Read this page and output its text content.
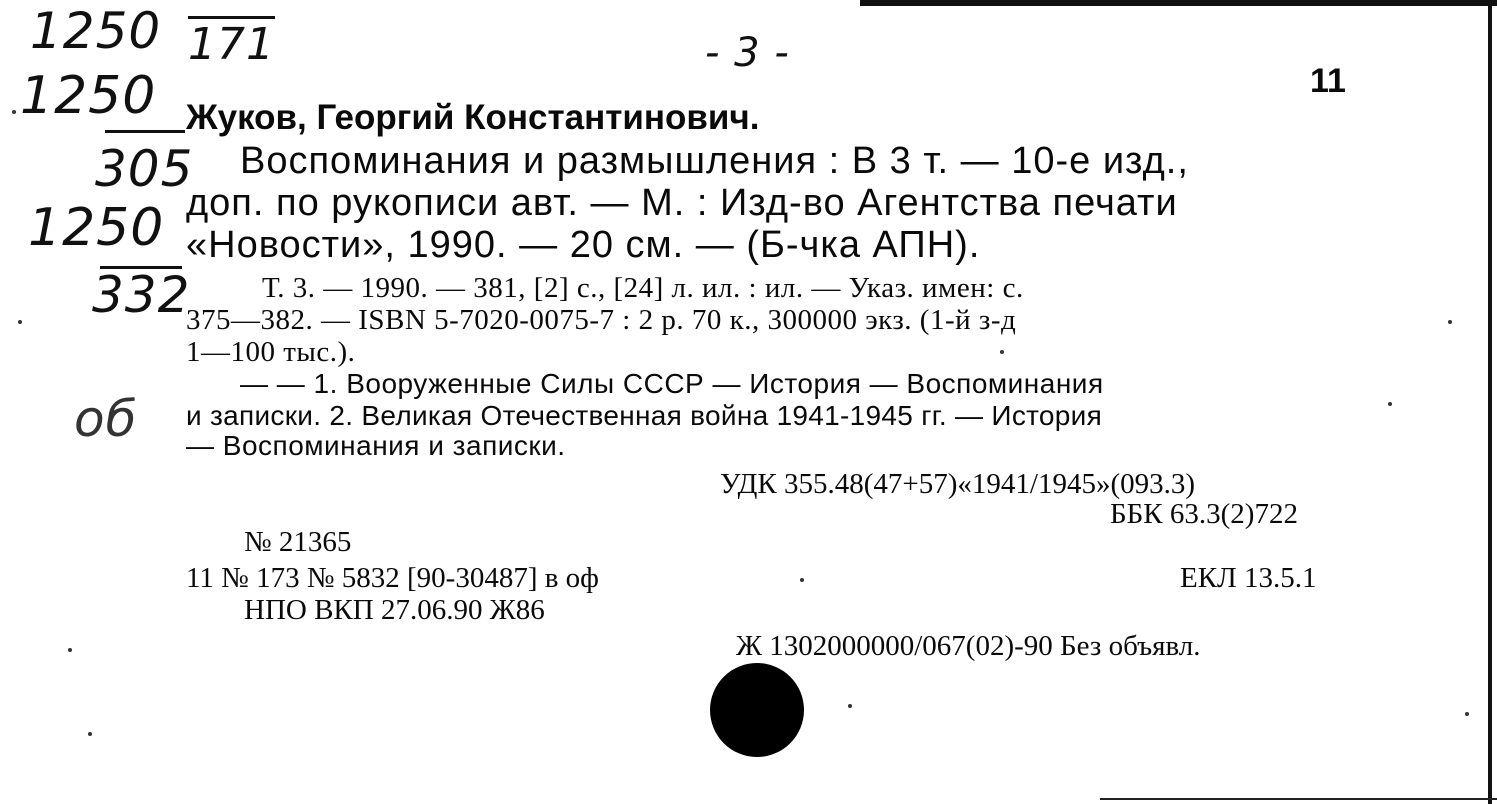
1250 171	- 3 -
1250
305
1250
332
об
11
Жуков, Георгий Константинович.
Воспоминания и размышления : В 3 т. — 10-е изд.,
доп. по рукописи авт. — М. : Изд-во Агентства печати
«Новости», 1990. — 20 см. — (Б-чка АПН).
Т. 3. — 1990. — 381, [2] с., [24] л. ил. : ил. — Указ. имен: с.
375—382. — ISBN 5-7020-0075-7 : 2 р. 70 к., 300000 экз. (1-й з-д
1—100 тыс.).
— — 1. Вооруженные Силы СССР — История — Воспоминания
и записки. 2. Великая Отечественная война 1941-1945 гг. — История
— Воспоминания и записки.
УДК 355.48(47+57)«1941/1945»(093.3)
ББК 63.3(2)722
№ 21365
11 № 173 № 5832 [90-30487] в оф	ЕКЛ 13.5.1
НПО ВКП 27.06.90 Ж86
Ж 1302000000/067(02)-90 Без объявл.
